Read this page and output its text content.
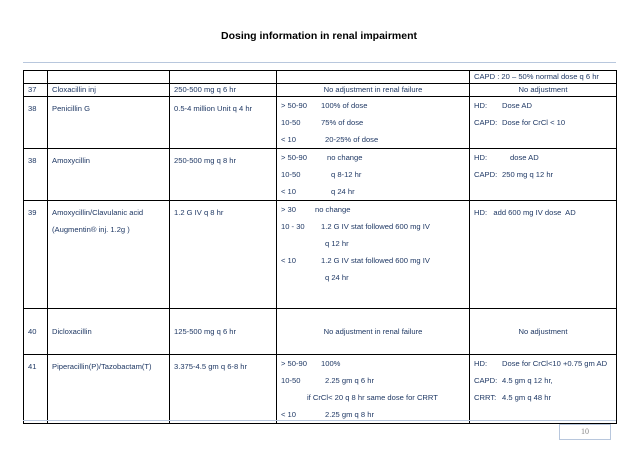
Dosing information in renal impairment
				CAPD : 20 – 50% normal dose q 6 hr
37	Cloxacillin inj	250-500 mg q 6 hr	No adjustment in renal failure	No adjustment
38	Penicillin G	0.5-4 million Unit q 4 hr	> 50-90 100% of dose
10-50 75% of dose
< 10 20-25% of dose	HD: Dose AD
CAPD: Dose for CrCl < 10

38	Amoxycillin	250-500 mg q 8 hr	> 50-90 no change
10-50 q 8-12 hr
< 10 q 24 hr	HD: dose AD
CAPD: 250 mg q 12 hr

39	Amoxycillin/Clavulanic acid
(Augmentin® inj. 1.2g )	1.2 G IV q 8 hr	> 30 no change
10 - 30 1.2 G IV stat followed 600 mg IV
q 12 hr
< 10 1.2 G IV stat followed 600 mg IV
q 24 hr	HD:   add 600 mg IV dose  AD
40	Dicloxacillin	125-500 mg q 6 hr	No adjustment in renal failure	No adjustment
41	Piperacillin(P)/Tazobactam(T)	3.375-4.5 gm q 6-8 hr	> 50-90 100%
10-50 2.25 gm q 6 hr
if CrCl< 20 q 8 hr same dose for CRRT
< 10 2.25 gm q 8 hr	HD: Dose for CrCl<10 +0.75 gm AD
CAPD: 4.5 gm q 12 hr,
CRRT: 4.5 gm q 48 hr
10
